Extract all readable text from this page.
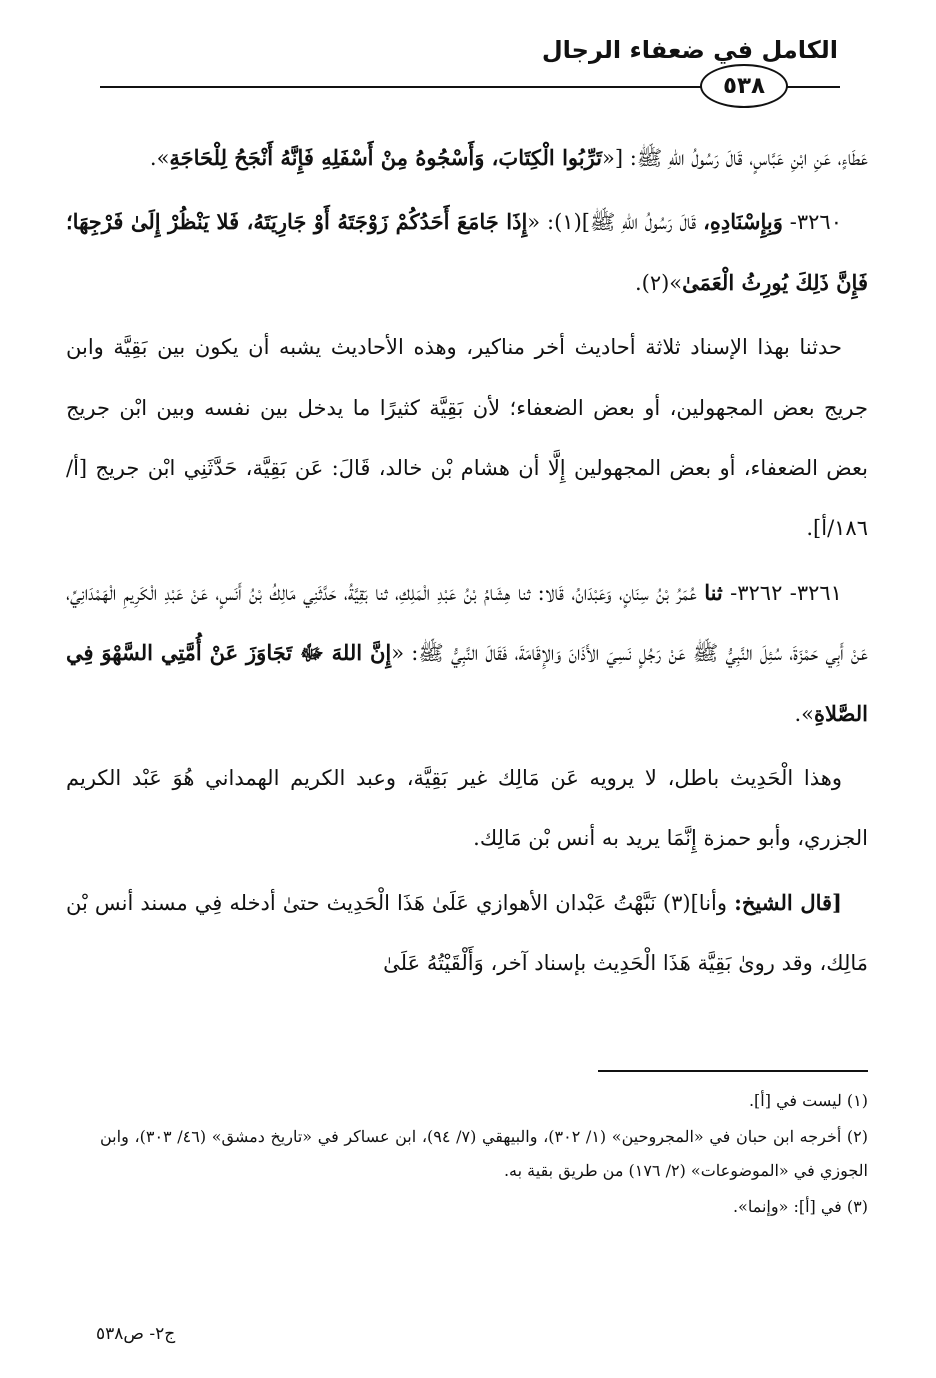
الكامل في ضعفاء الرجال
٥٣٨

عَطَاءٍ، عَنِ ابْنِ عَبَّاسٍ، قَالَ رَسُولُ اللهِ ﷺ: [«تَرِّبُوا الْكِتَابَ، وَأَسْجُوهُ مِنْ أَسْفَلِهِ فَإِنَّهُ أَنْجَحُ لِلْحَاجَةِ».

٣٢٦٠- وَبِإِسْنَادِهِ، قَالَ رَسُولُ اللهِ ﷺ](١): «إِذَا جَامَعَ أَحَدُكُمْ زَوْجَتَهُ أَوْ جَارِيَتَهُ، فَلا يَنْظُرْ إِلَىٰ فَرْجِهَا؛ فَإِنَّ ذَلِكَ يُورِثُ الْعَمَىٰ»(٢).

حدثنا بهذا الإسناد ثلاثة أحاديث أخر مناكير، وهذه الأحاديث يشبه أن يكون بين بَقِيَّة وابن جريج بعض المجهولين، أو بعض الضعفاء؛ لأن بَقِيَّة كثيرًا ما يدخل بين نفسه وبين ابْن جريج بعض الضعفاء، أو بعض المجهولين إِلَّا أن هشام بْن خالد، قَالَ: عَن بَقِيَّة، حَدَّثَنِي ابْن جريج [أ/١٨٦/أ].

٣٢٦١- ٣٢٦٢- ثنا عُمَرُ بْنُ سِنَانٍ، وَعَبْدَانُ، قَالا: ثنا هِشَامُ بْنُ عَبْدِ الْمَلِكِ، ثنا بَقِيَّةُ، حَدَّثَنِي مَالِكُ بْنُ أَنَسٍ، عَنْ عَبْدِ الْكَرِيمِ الْهَمْدَانِيِّ، عَنْ أَبِي حَمْزَةَ، سُئِلَ النَّبِيُّ ﷺ عَنْ رَجُلٍ نَسِيَ الأَذَانَ وَالإِقَامَةَ، فَقَالَ النَّبِيُّ ﷺ: «إِنَّ اللهَ ﷻ تَجَاوَزَ عَنْ أُمَّتِي السَّهْوَ فِي الصَّلاةِ».

وهذا الْحَدِيث باطل، لا يرويه عَن مَالِك غير بَقِيَّة، وعبد الكريم الهمداني هُوَ عَبْد الكريم الجزري، وأبو حمزة إِنَّمَا يريد به أنس بْن مَالِك.

[قال الشيخ: وأنا](٣) نَبَّهْتُ عَبْدان الأهوازي عَلَىٰ هَذَا الْحَدِيث حتىٰ أدخله فِي مسند أنس بْن مَالِك، وقد روىٰ بَقِيَّة هَذَا الْحَدِيث بإسناد آخر، وَأَلْقَيْتُهُ عَلَىٰ

(١) ليست في [أ].

(٢) أخرجه ابن حبان في «المجروحين» (١/ ٣٠٢)، والبيهقي (٧/ ٩٤)، ابن عساكر في «تاريخ دمشق» (٤٦/ ٣٠٣)، وابن الجوزي في «الموضوعات» (٢/ ١٧٦) من طريق بقية به.

(٣) في [أ]: «وإنما».

ج٢- ص٥٣٨
